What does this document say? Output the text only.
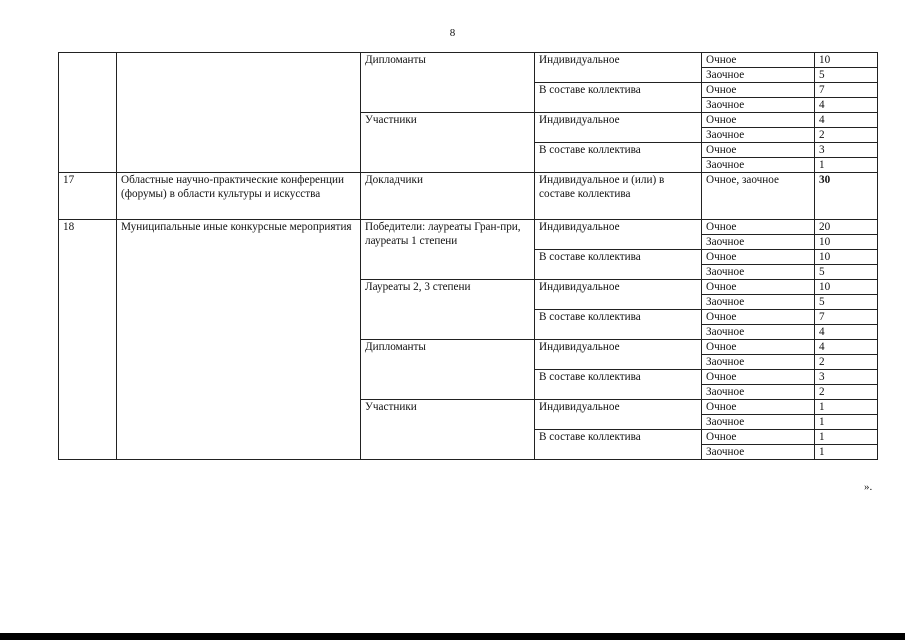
8
		Дипломанты	Индивидуальное	Очное	10
				Заочное	5
			В составе коллектива	Очное	7
				Заочное	4
		Участники	Индивидуальное	Очное	4
				Заочное	2
			В составе коллектива	Очное	3
				Заочное	1
17	Областные научно-практические конференции (форумы) в области культуры и искусства	Докладчики	Индивидуальное и (или) в составе коллектива	Очное, заочное	30
18	Муниципальные иные конкурсные мероприятия	Победители: лауреаты Гран-при, лауреаты 1 степени	Индивидуальное	Очное	20
				Заочное	10
			В составе коллектива	Очное	10
				Заочное	5
		Лауреаты 2, 3 степени	Индивидуальное	Очное	10
				Заочное	5
			В составе коллектива	Очное	7
				Заочное	4
		Дипломанты	Индивидуальное	Очное	4
				Заочное	2
			В составе коллектива	Очное	3
				Заочное	2
		Участники	Индивидуальное	Очное	1
				Заочное	1
			В составе коллектива	Очное	1
				Заочное	1
».
